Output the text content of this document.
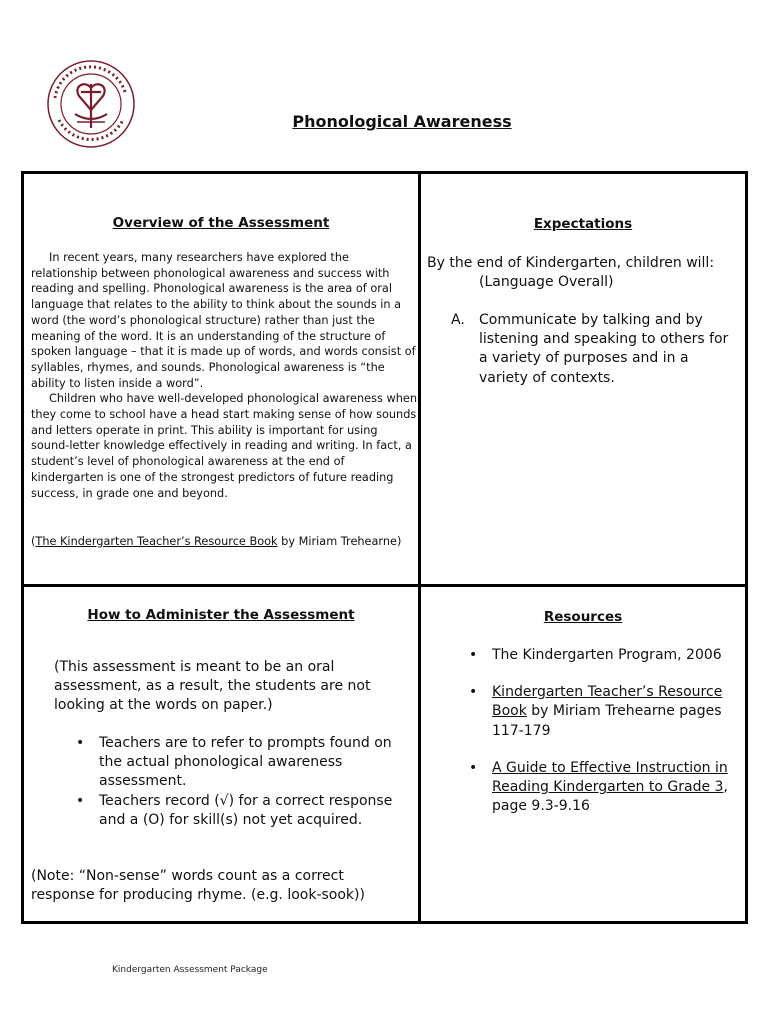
Phonological Awareness
Overview of the Assessment

In recent years, many researchers have explored the relationship between phonological awareness and success with reading and spelling. Phonological awareness is the area of oral language that relates to the ability to think about the sounds in a word (the word’s phonological structure) rather than just the meaning of the word. It is an understanding of the structure of spoken language – that it is made up of words, and words consist of syllables, rhymes, and sounds. Phonological awareness is “the ability to listen inside a word”.

Children who have well-developed phonological awareness when they come to school have a head start making sense of how sounds and letters operate in print. This ability is important for using sound-letter knowledge effectively in reading and writing. In fact, a student’s level of phonological awareness at the end of kindergarten is one of the strongest predictors of future reading success, in grade one and beyond.

(The Kindergarten Teacher’s Resource Book by Miriam Trehearne)
Expectations
By the end of Kindergarten, children will:
(Language Overall)
A. Communicate by talking and by listening and speaking to others for a variety of purposes and in a variety of contexts.
How to Administer the Assessment
(This assessment is meant to be an oral assessment, as a result, the students are not looking at the words on paper.)
• Teachers are to refer to prompts found on the actual phonological awareness assessment.
• Teachers record (√) for a correct response and a (O) for skill(s) not yet acquired.
(Note: “Non-sense” words count as a correct response for producing rhyme. (e.g. look-sook))
Resources
• The Kindergarten Program, 2006
• Kindergarten Teacher’s Resource Book by Miriam Trehearne pages 117-179
• A Guide to Effective Instruction in Reading Kindergarten to Grade 3, page 9.3-9.16
Kindergarten Assessment Package
